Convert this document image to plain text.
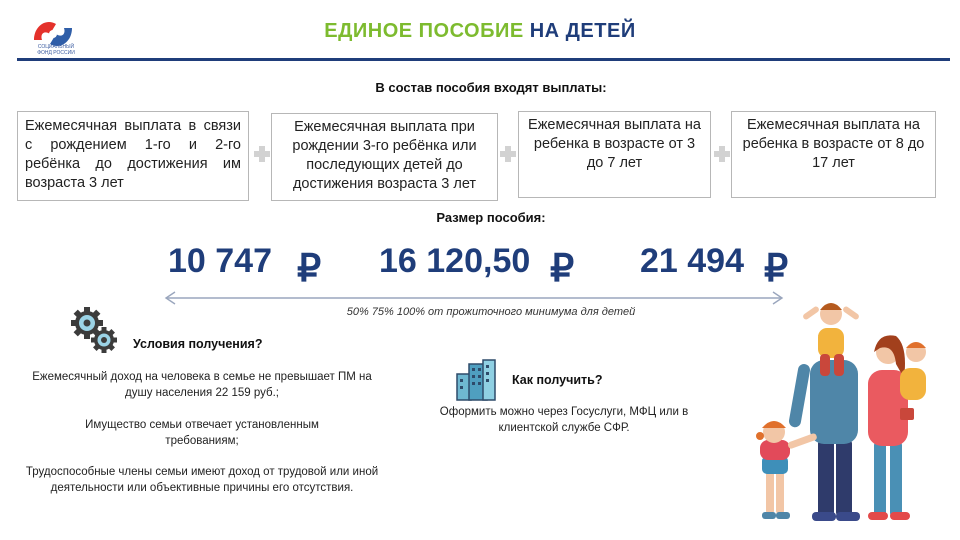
СОЦИАЛЬНЫЙ ФОНД РОССИИ
ЕДИНОЕ ПОСОБИЕ НА ДЕТЕЙ
В состав пособия входят выплаты:
Ежемесячная выплата в связи с рождением 1-го и 2-го ребёнка до достижения им возраста 3 лет
Ежемесячная выплата при рождении 3-го ребёнка или последующих детей до достижения возраста 3 лет
Ежемесячная выплата на ребенка в возрасте от 3 до 7 лет
Ежемесячная выплата на ребенка в возрасте от 8 до 17 лет
Размер пособия:
10 747 ₽ 16 120,50 ₽ 21 494 ₽
50% 75% 100% от прожиточного минимума для детей
Условия получения?
Ежемесячный доход на человека в семье не превышает ПМ на душу населения 22 159 руб.;
Имущество семьи отвечает установленным требованиям;
Трудоспособные члены семьи имеют доход от трудовой или иной деятельности или объективные причины его отсутствия.
Как получить?
Оформить можно через Госуслуги, МФЦ или в клиентской службе СФР.
